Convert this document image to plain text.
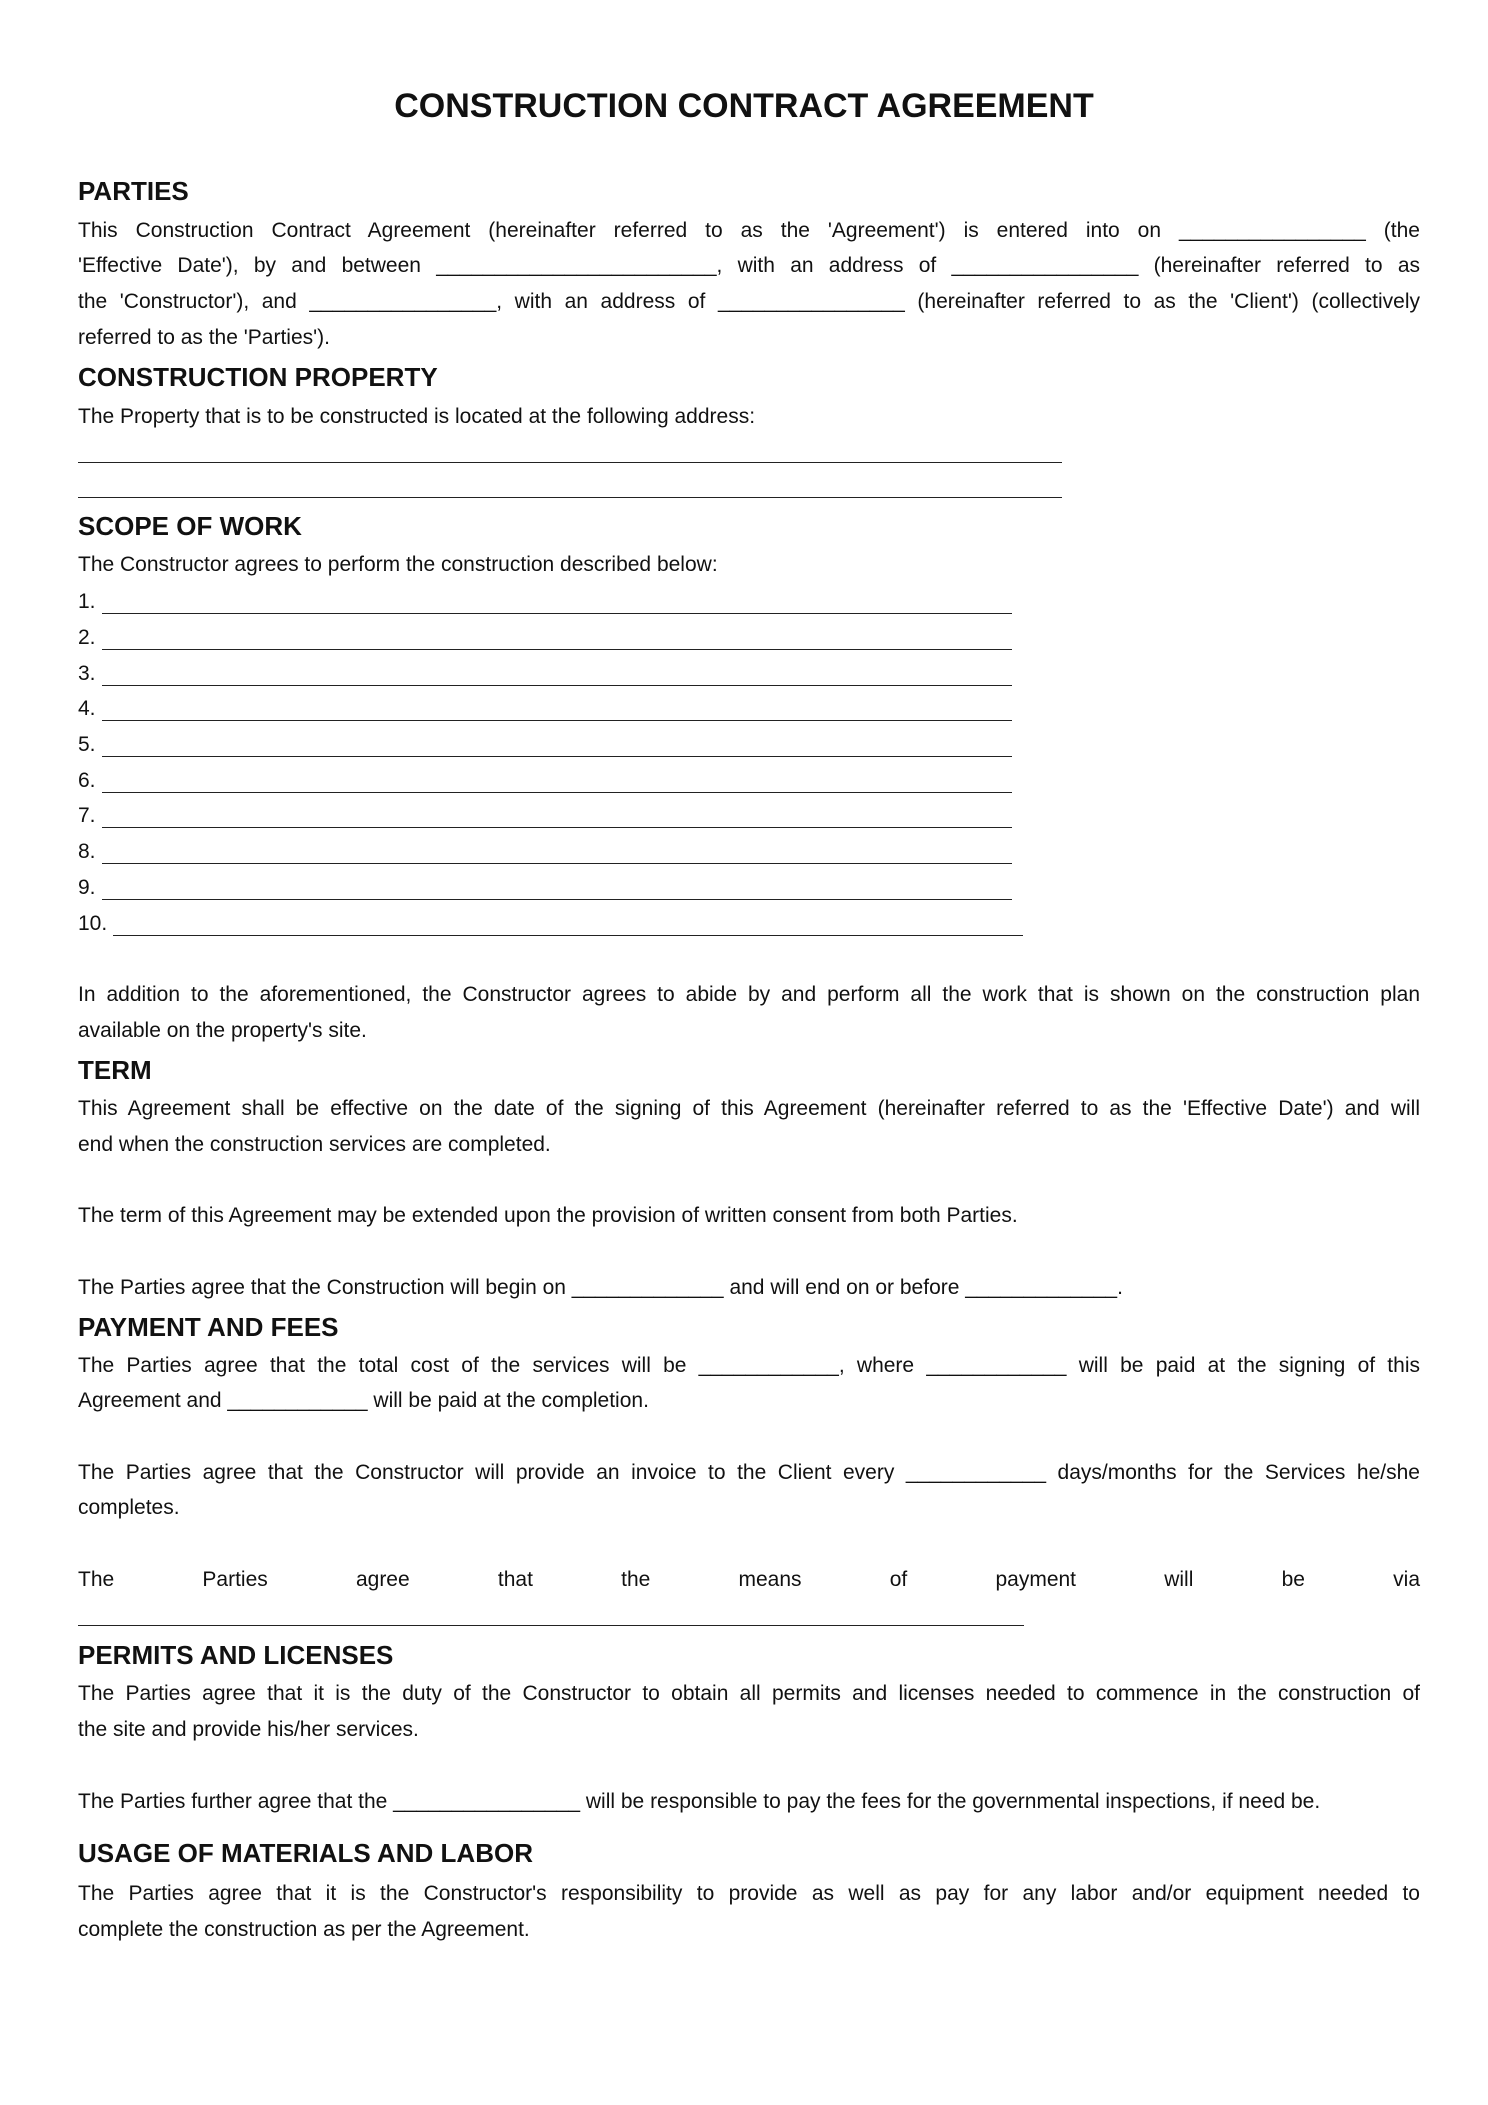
CONSTRUCTION CONTRACT AGREEMENT
PARTIES
This Construction Contract Agreement (hereinafter referred to as the 'Agreement') is entered into on ________________ (the
'Effective Date'), by and between ________________________, with an address of ________________ (hereinafter referred to as
the 'Constructor'), and ________________, with an address of ________________ (hereinafter referred to as the 'Client') (collectively
referred to as the 'Parties').
CONSTRUCTION PROPERTY
The Property that is to be constructed is located at the following address:
SCOPE OF WORK
The Constructor agrees to perform the construction described below:
1.
2.
3.
4.
5.
6.
7.
8.
9.
10.
In addition to the aforementioned, the Constructor agrees to abide by and perform all the work that is shown on the construction plan
available on the property's site.
TERM
This Agreement shall be effective on the date of the signing of this Agreement (hereinafter referred to as the 'Effective Date') and will
end when the construction services are completed.
The term of this Agreement may be extended upon the provision of written consent from both Parties.
The Parties agree that the Construction will begin on _____________ and will end on or before _____________.
PAYMENT AND FEES
The Parties agree that the total cost of the services will be ____________, where ____________ will be paid at the signing of this
Agreement and ____________ will be paid at the completion.
The Parties agree that the Constructor will provide an invoice to the Client every ____________ days/months for the Services he/she
completes.
The Parties agree that the means of payment will be via
PERMITS AND LICENSES
The Parties agree that it is the duty of the Constructor to obtain all permits and licenses needed to commence in the construction of
the site and provide his/her services.
The Parties further agree that the ________________ will be responsible to pay the fees for the governmental inspections, if need be.
USAGE OF MATERIALS AND LABOR
The Parties agree that it is the Constructor's responsibility to provide as well as pay for any labor and/or equipment needed to
complete the construction as per the Agreement.
